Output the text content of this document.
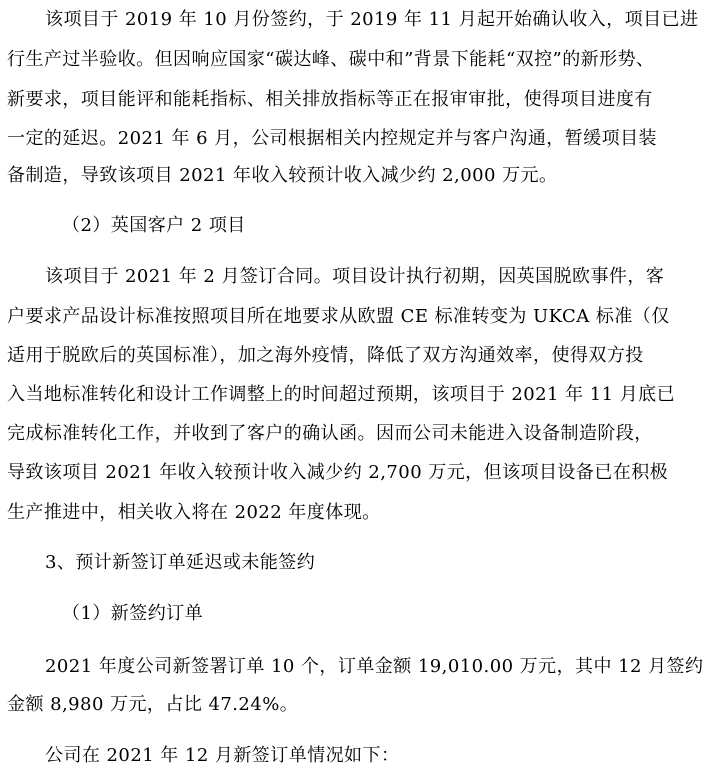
该项目于 2019 年 10 月份签约，于 2019 年 11 月起开始确认收入，项目已进
行生产过半验收。但因响应国家“碳达峰、碳中和”背景下能耗“双控”的新形势、
新要求，项目能评和能耗指标、相关排放指标等正在报审审批，使得项目进度有
一定的延迟。2021 年 6 月，公司根据相关内控规定并与客户沟通，暂缓项目装
备制造，导致该项目 2021 年收入较预计收入减少约 2,000 万元。
（2）英国客户 2 项目
该项目于 2021 年 2 月签订合同。项目设计执行初期，因英国脱欧事件，客
户要求产品设计标准按照项目所在地要求从欧盟 CE 标准转变为 UKCA 标准（仅
适用于脱欧后的英国标准），加之海外疫情，降低了双方沟通效率，使得双方投
入当地标准转化和设计工作调整上的时间超过预期，该项目于 2021 年 11 月底已
完成标准转化工作，并收到了客户的确认函。因而公司未能进入设备制造阶段，
导致该项目 2021 年收入较预计收入减少约 2,700 万元，但该项目设备已在积极
生产推进中，相关收入将在 2022 年度体现。
3、预计新签订单延迟或未能签约
（1）新签约订单
2021 年度公司新签署订单 10 个，订单金额 19,010.00 万元，其中 12 月签约
金额 8,980 万元，占比 47.24%。
公司在 2021 年 12 月新签订单情况如下：
